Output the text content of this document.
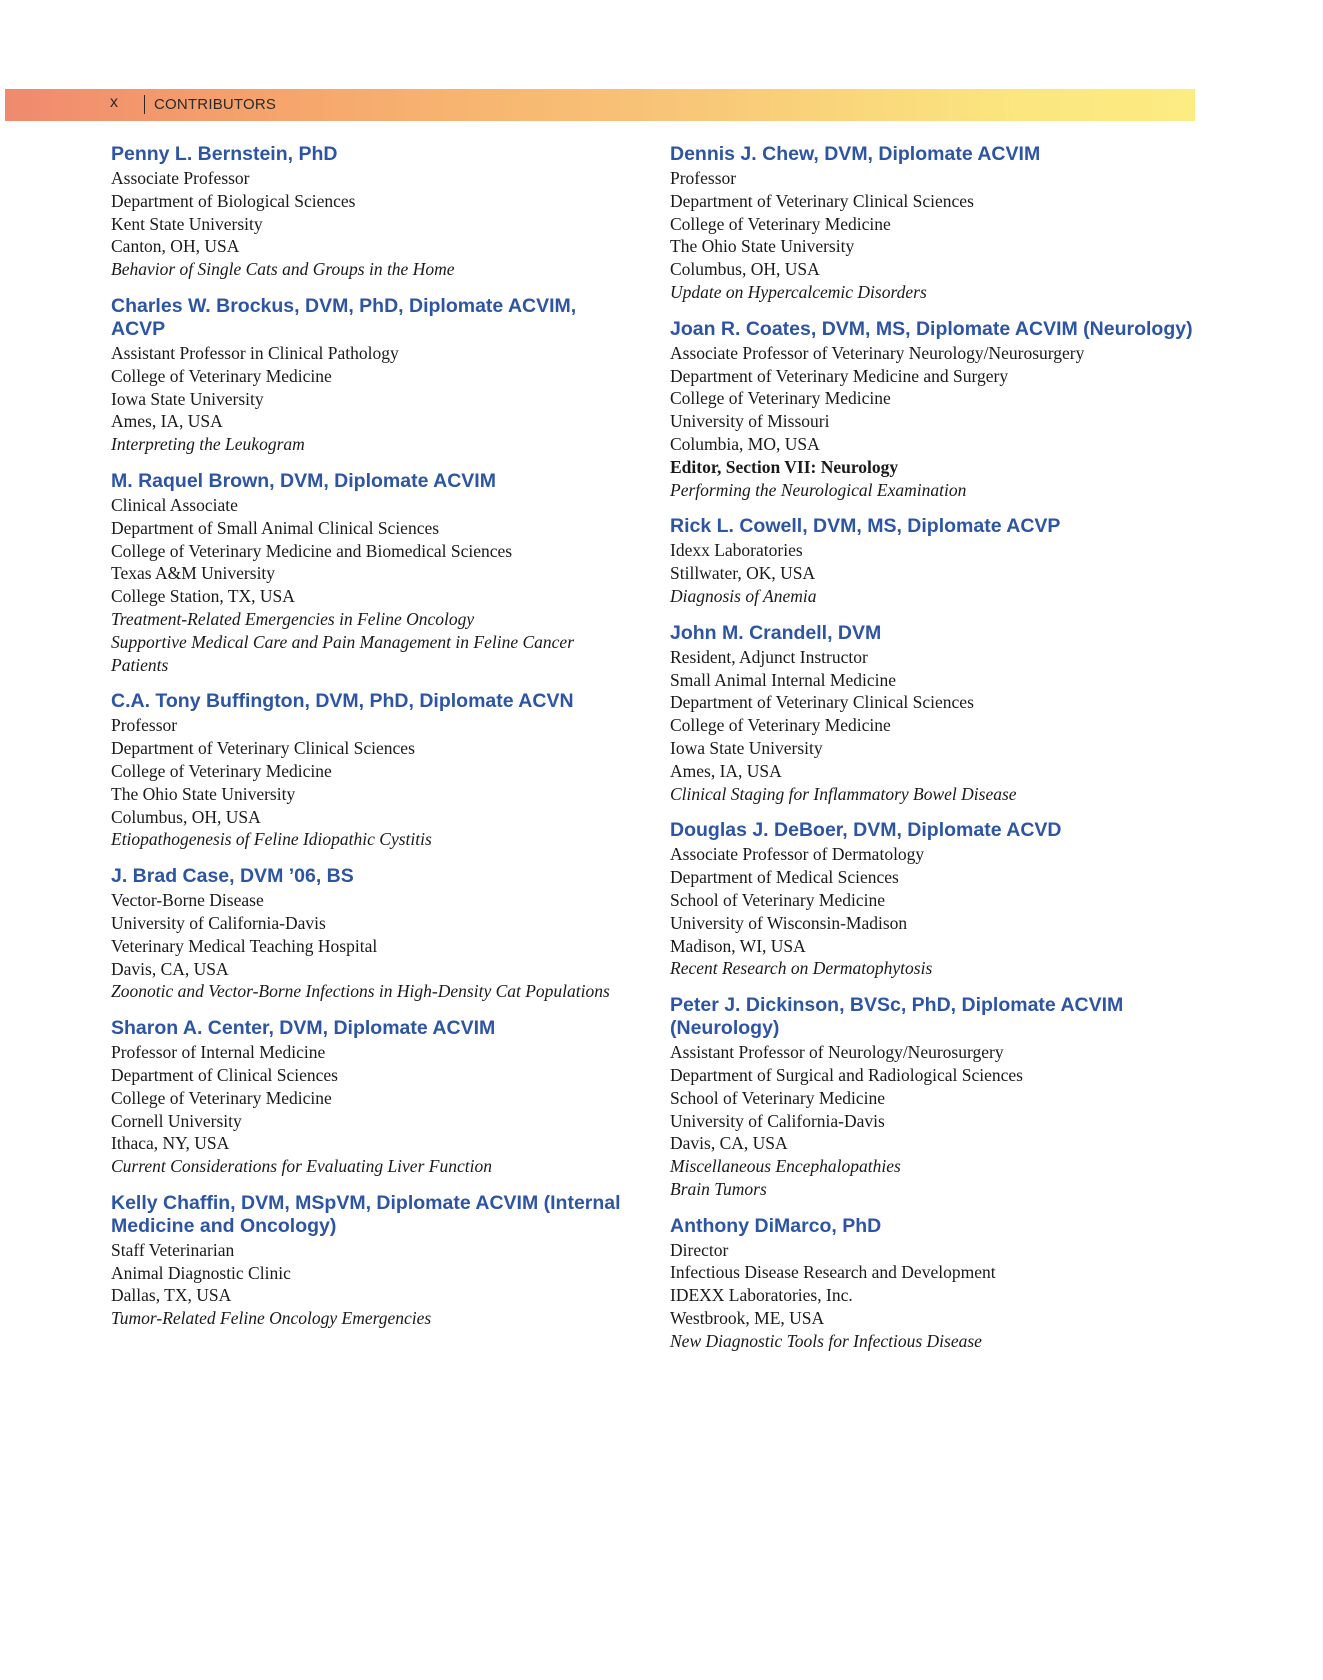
x CONTRIBUTORS
Penny L. Bernstein, PhD
Associate Professor
Department of Biological Sciences
Kent State University
Canton, OH, USA
Behavior of Single Cats and Groups in the Home
Charles W. Brockus, DVM, PhD, Diplomate ACVIM, ACVP
Assistant Professor in Clinical Pathology
College of Veterinary Medicine
Iowa State University
Ames, IA, USA
Interpreting the Leukogram
M. Raquel Brown, DVM, Diplomate ACVIM
Clinical Associate
Department of Small Animal Clinical Sciences
College of Veterinary Medicine and Biomedical Sciences
Texas A&M University
College Station, TX, USA
Treatment-Related Emergencies in Feline Oncology
Supportive Medical Care and Pain Management in Feline Cancer Patients
C.A. Tony Buffington, DVM, PhD, Diplomate ACVN
Professor
Department of Veterinary Clinical Sciences
College of Veterinary Medicine
The Ohio State University
Columbus, OH, USA
Etiopathogenesis of Feline Idiopathic Cystitis
J. Brad Case, DVM ’06, BS
Vector-Borne Disease
University of California-Davis
Veterinary Medical Teaching Hospital
Davis, CA, USA
Zoonotic and Vector-Borne Infections in High-Density Cat Populations
Sharon A. Center, DVM, Diplomate ACVIM
Professor of Internal Medicine
Department of Clinical Sciences
College of Veterinary Medicine
Cornell University
Ithaca, NY, USA
Current Considerations for Evaluating Liver Function
Kelly Chaffin, DVM, MSpVM, Diplomate ACVIM (Internal Medicine and Oncology)
Staff Veterinarian
Animal Diagnostic Clinic
Dallas, TX, USA
Tumor-Related Feline Oncology Emergencies
Dennis J. Chew, DVM, Diplomate ACVIM
Professor
Department of Veterinary Clinical Sciences
College of Veterinary Medicine
The Ohio State University
Columbus, OH, USA
Update on Hypercalcemic Disorders
Joan R. Coates, DVM, MS, Diplomate ACVIM (Neurology)
Associate Professor of Veterinary Neurology/Neurosurgery
Department of Veterinary Medicine and Surgery
College of Veterinary Medicine
University of Missouri
Columbia, MO, USA
Editor, Section VII: Neurology
Performing the Neurological Examination
Rick L. Cowell, DVM, MS, Diplomate ACVP
Idexx Laboratories
Stillwater, OK, USA
Diagnosis of Anemia
John M. Crandell, DVM
Resident, Adjunct Instructor
Small Animal Internal Medicine
Department of Veterinary Clinical Sciences
College of Veterinary Medicine
Iowa State University
Ames, IA, USA
Clinical Staging for Inflammatory Bowel Disease
Douglas J. DeBoer, DVM, Diplomate ACVD
Associate Professor of Dermatology
Department of Medical Sciences
School of Veterinary Medicine
University of Wisconsin-Madison
Madison, WI, USA
Recent Research on Dermatophytosis
Peter J. Dickinson, BVSc, PhD, Diplomate ACVIM (Neurology)
Assistant Professor of Neurology/Neurosurgery
Department of Surgical and Radiological Sciences
School of Veterinary Medicine
University of California-Davis
Davis, CA, USA
Miscellaneous Encephalopathies
Brain Tumors
Anthony DiMarco, PhD
Director
Infectious Disease Research and Development
IDEXX Laboratories, Inc.
Westbrook, ME, USA
New Diagnostic Tools for Infectious Disease
